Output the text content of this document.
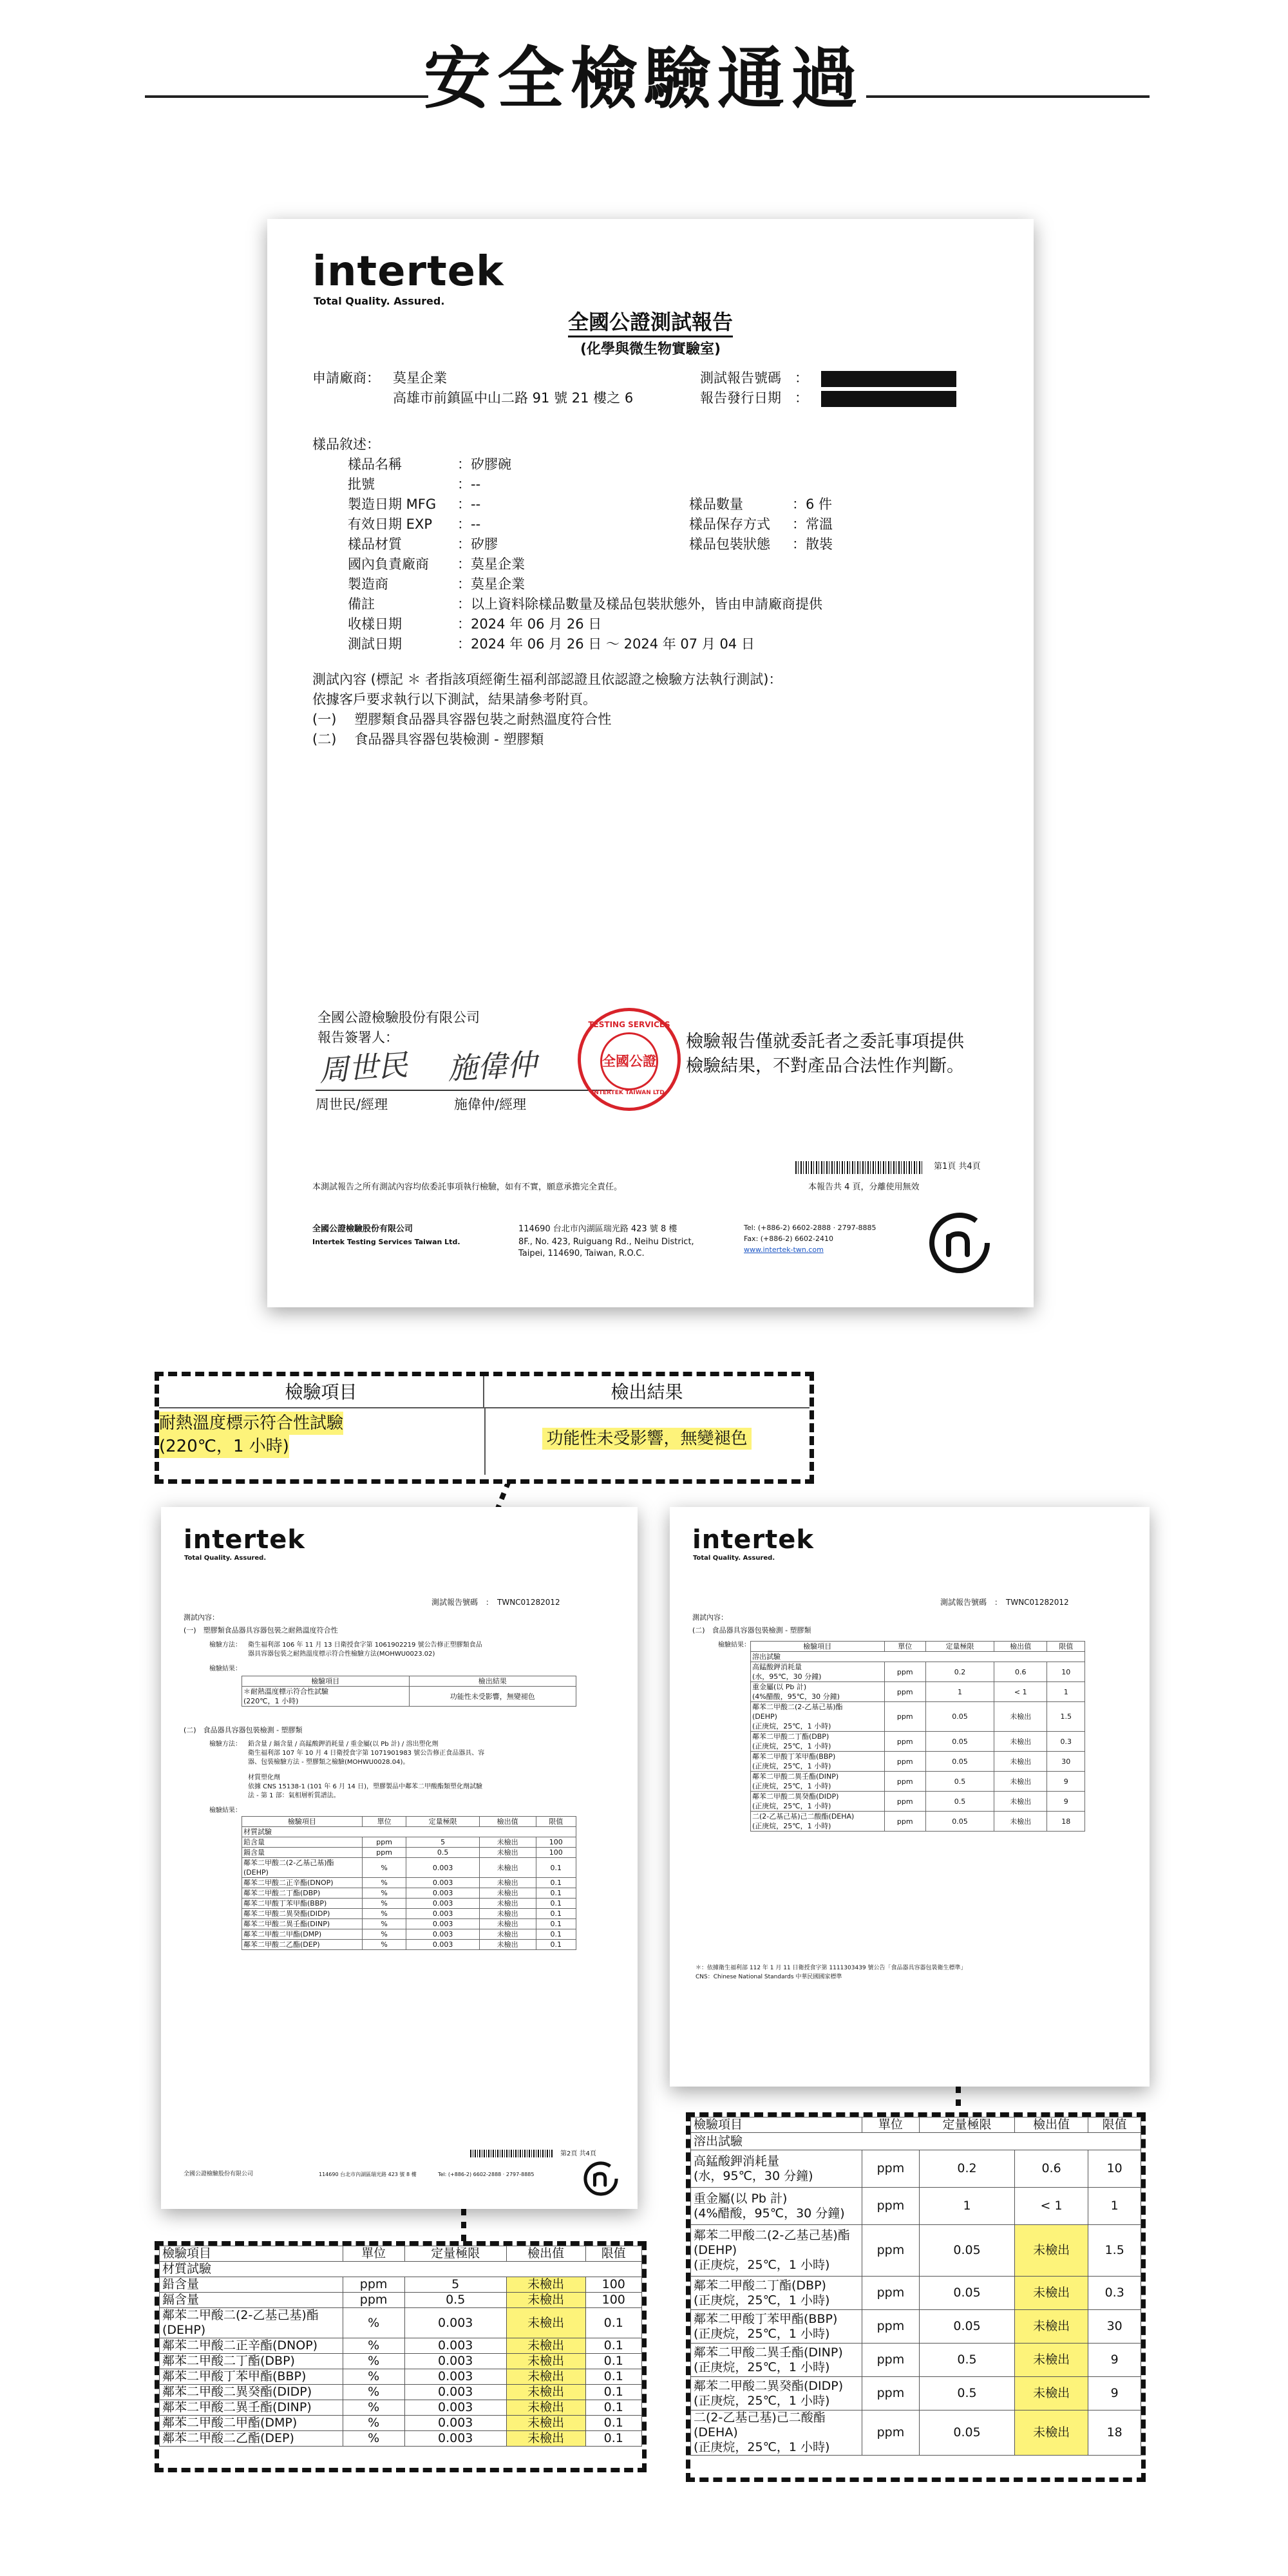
安全檢驗通過
intertek
Total Quality. Assured.
全國公證測試報告
(化學與微生物實驗室)
申請廠商： 莫星企業
高雄市前鎮區中山二路 91 號 21 樓之 6
測試報告號碼　：
報告發行日期　：
樣品敘述：
樣品名稱	：矽膠碗
批號	：--
製造日期 MFG ：--
有效日期 EXP ：--
樣品材質	：矽膠
國內負責廠商 ：莫星企業
製造商	：莫星企業
備註	：以上資料除樣品數量及樣品包裝狀態外，皆由申請廠商提供
收樣日期	：2024 年 06 月 26 日
測試日期	：2024 年 06 月 26 日 ～ 2024 年 07 月 04 日
樣品數量	：6 件
樣品保存方式 ：常溫
樣品包裝狀態 ：散裝
測試內容 (標記 ＊ 者指該項經衛生福利部認證且依認證之檢驗方法執行測試)：
依據客戶要求執行以下測試，結果請參考附頁。
(一) 塑膠類食品器具容器包裝之耐熱溫度符合性
(二) 食品器具容器包裝檢測 - 塑膠類
全國公證檢驗股份有限公司
報告簽署人：
周世民 施偉仲
周世民/經理	施偉仲/經理
TESTING SERVICES
全國公證
INTERTEK TAIWAN LTD.
檢驗報告僅就委託者之委託事項提供
檢驗結果，不對產品合法性作判斷。
第1頁 共4頁
本測試報告之所有測試內容均依委託事項執行檢驗，如有不實，願意承擔完全責任。	本報告共 4 頁，分離使用無效
全國公證檢驗股份有限公司
Intertek Testing Services Taiwan Ltd.
114690 台北市內湖區瑞光路 423 號 8 樓
8F., No. 423, Ruiguang Rd., Neihu District,
Taipei, 114690, Taiwan, R.O.C.
Tel: (+886-2) 6602-2888 · 2797-8885
Fax: (+886-2) 6602-2410
www.intertek-twn.com
檢驗項目	檢出結果
耐熱溫度標示符合性試驗
(220℃，1 小時)	功能性未受影響，無變褪色
intertek
Total Quality. Assured.
測試報告號碼　：　TWNC01282012
測試內容：
(一)　塑膠類食品器具容器包裝之耐熱溫度符合性
檢驗方法： 衛生福利部 106 年 11 月 13 日衛授食字第 1061902219 號公告修正塑膠類食品
器具容器包裝之耐熱溫度標示符合性檢驗方法(MOHWU0023.02)
檢驗結果：
檢驗項目	檢出結果
＊耐熱溫度標示符合性試驗
(220℃，1 小時)	功能性未受影響，無變褪色
(二)　食品器具容器包裝檢測 - 塑膠類
檢驗方法： 鉛含量 / 鎘含量 / 高錳酸鉀消耗量 / 重金屬(以 Pb 計) / 溶出塑化劑
衛生福利部 107 年 10 月 4 日衛授食字第 1071901983 號公告修正食品器具、容
器、包裝檢驗方法 - 塑膠類之檢驗(MOHWU0028.04)。
材質塑化劑
依據 CNS 15138-1 (101 年 6 月 14 日)，塑膠製品中鄰苯二甲酸酯類塑化劑試驗
法 - 第 1 部：氣相層析質譜法。
檢驗結果：
檢驗項目	單位	定量極限	檢出值	限值
材質試驗				
鉛含量	ppm	5	未檢出	100
鎘含量	ppm	0.5	未檢出	100
鄰苯二甲酸二(2-乙基己基)酯
(DEHP)	%	0.003	未檢出	0.1
鄰苯二甲酸二正辛酯(DNOP)	%	0.003	未檢出	0.1
鄰苯二甲酸二丁酯(DBP)	%	0.003	未檢出	0.1
鄰苯二甲酸丁苯甲酯(BBP)	%	0.003	未檢出	0.1
鄰苯二甲酸二異癸酯(DIDP)	%	0.003	未檢出	0.1
鄰苯二甲酸二異壬酯(DINP)	%	0.003	未檢出	0.1
鄰苯二甲酸二甲酯(DMP)	%	0.003	未檢出	0.1
鄰苯二甲酸二乙酯(DEP)	%	0.003	未檢出	0.1
第2頁 共4頁
全國公證檢驗股份有限公司	114690 台北市內湖區瑞光路 423 號 8 樓	Tel: (+886-2) 6602-2888 · 2797-8885
intertek
Total Quality. Assured.
測試報告號碼　：　TWNC01282012
測試內容：
(二)　食品器具容器包裝檢測 - 塑膠類
檢驗結果：	檢驗項目	單位	定量極限	檢出值	限值
溶出試驗				
高錳酸鉀消耗量
(水，95℃，30 分鐘)	ppm	0.2	0.6	10
重金屬(以 Pb 計)
(4%醋酸，95℃，30 分鐘)	ppm	1	< 1	1
鄰苯二甲酸二(2-乙基己基)酯
(DEHP)
(正庚烷，25℃，1 小時)	ppm	0.05	未檢出	1.5
鄰苯二甲酸二丁酯(DBP)
(正庚烷，25℃，1 小時)	ppm	0.05	未檢出	0.3
鄰苯二甲酸丁苯甲酯(BBP)
(正庚烷，25℃，1 小時)	ppm	0.05	未檢出	30
鄰苯二甲酸二異壬酯(DINP)
(正庚烷，25℃，1 小時)	ppm	0.5	未檢出	9
鄰苯二甲酸二異癸酯(DIDP)
(正庚烷，25℃，1 小時)	ppm	0.5	未檢出	9
二(2-乙基己基)己二酸酯(DEHA)
(正庚烷，25℃，1 小時)	ppm	0.05	未檢出	18
＊：依據衛生福利部 112 年 1 月 11 日衛授食字第 1111303439 號公告「食品器具容器包裝衛生標準」
CNS：Chinese National Standards 中華民國國家標準
檢驗項目	單位	定量極限	檢出值	限值
材質試驗				
鉛含量	ppm	5	未檢出	100
鎘含量	ppm	0.5	未檢出	100
鄰苯二甲酸二(2-乙基己基)酯
(DEHP)	%	0.003	未檢出	0.1
鄰苯二甲酸二正辛酯(DNOP)	%	0.003	未檢出	0.1
鄰苯二甲酸二丁酯(DBP)	%	0.003	未檢出	0.1
鄰苯二甲酸丁苯甲酯(BBP)	%	0.003	未檢出	0.1
鄰苯二甲酸二異癸酯(DIDP)	%	0.003	未檢出	0.1
鄰苯二甲酸二異壬酯(DINP)	%	0.003	未檢出	0.1
鄰苯二甲酸二甲酯(DMP)	%	0.003	未檢出	0.1
鄰苯二甲酸二乙酯(DEP)	%	0.003	未檢出	0.1
檢驗項目	單位	定量極限	檢出值	限值
溶出試驗				
高錳酸鉀消耗量
(水，95℃，30 分鐘)	ppm	0.2	0.6	10
重金屬(以 Pb 計)
(4%醋酸，95℃，30 分鐘)	ppm	1	< 1	1
鄰苯二甲酸二(2-乙基己基)酯
(DEHP)
(正庚烷，25℃，1 小時)	ppm	0.05	未檢出	1.5
鄰苯二甲酸二丁酯(DBP)
(正庚烷，25℃，1 小時)	ppm	0.05	未檢出	0.3
鄰苯二甲酸丁苯甲酯(BBP)
(正庚烷，25℃，1 小時)	ppm	0.05	未檢出	30
鄰苯二甲酸二異壬酯(DINP)
(正庚烷，25℃，1 小時)	ppm	0.5	未檢出	9
鄰苯二甲酸二異癸酯(DIDP)
(正庚烷，25℃，1 小時)	ppm	0.5	未檢出	9
二(2-乙基己基)己二酸酯(DEHA)
(正庚烷，25℃，1 小時)	ppm	0.05	未檢出	18
